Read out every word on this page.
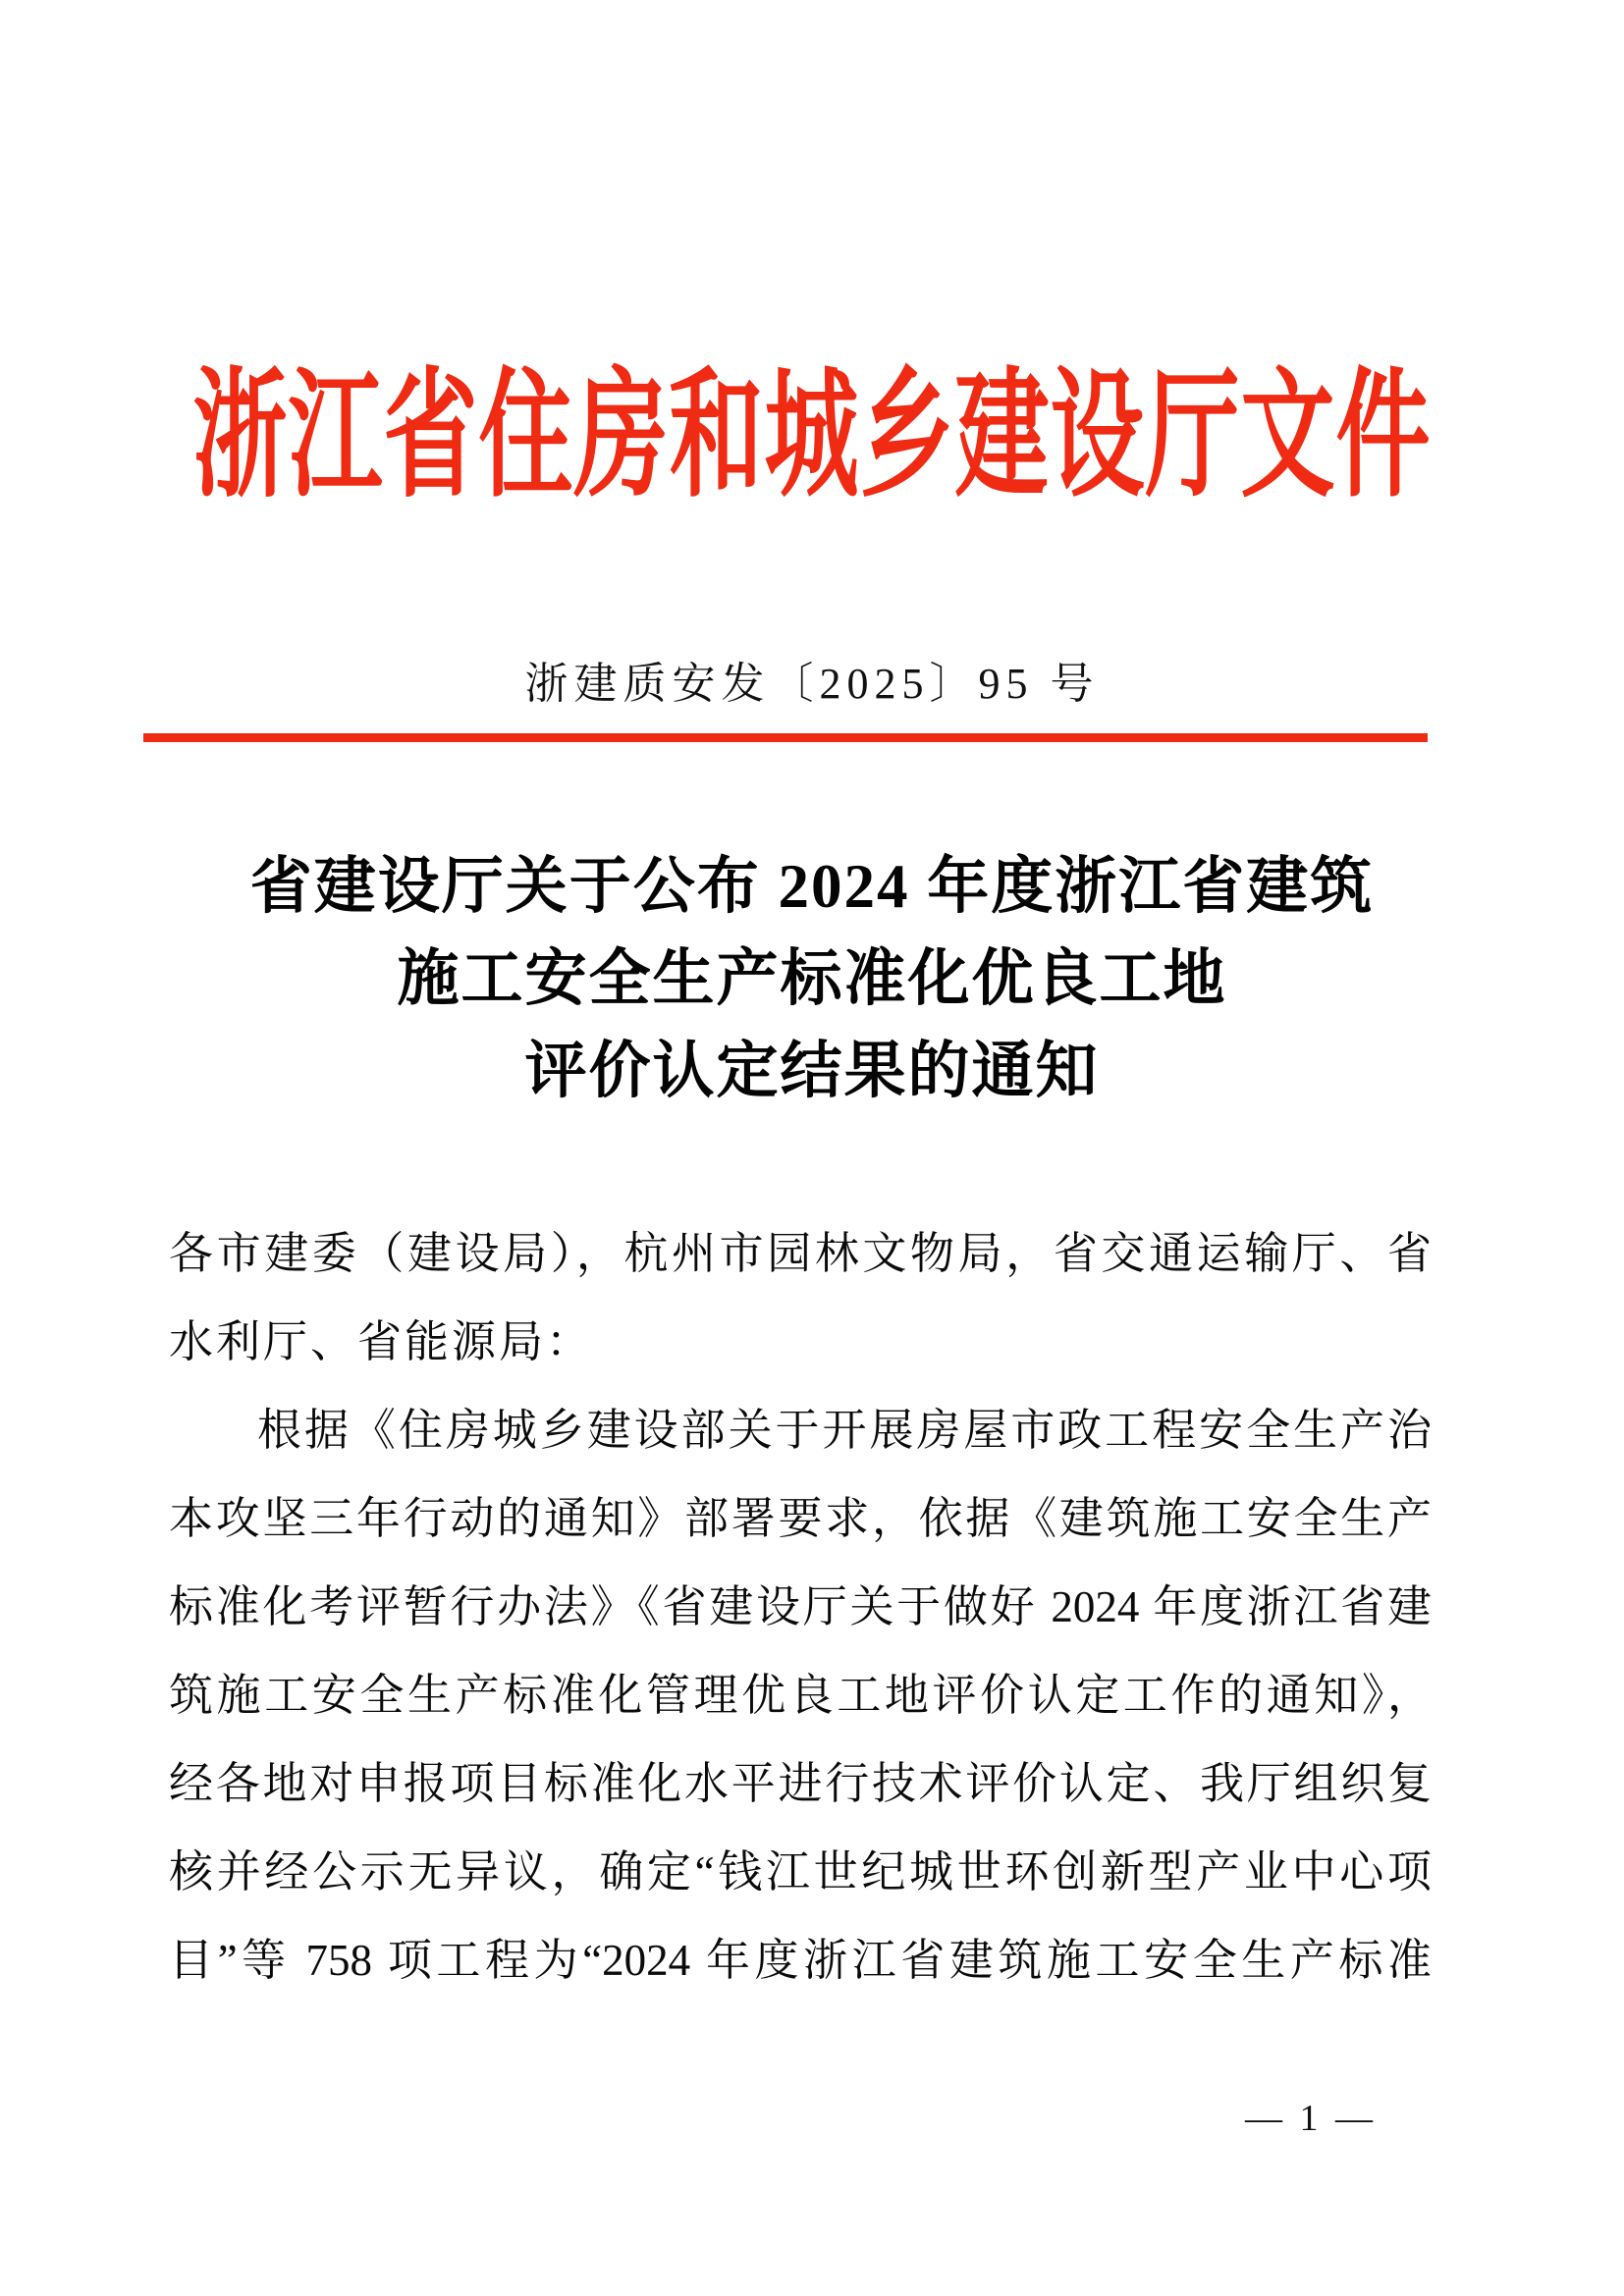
浙江省住房和城乡建设厅文件
浙建质安发〔2025〕95 号
省建设厅关于公布 2024 年度浙江省建筑
施工安全生产标准化优良工地
评价认定结果的通知

各市建委（建设局），杭州市园林文物局，省交通运输厅、省

水利厅、省能源局：

根据《住房城乡建设部关于开展房屋市政工程安全生产治

本攻坚三年行动的通知》部署要求，依据《建筑施工安全生产

标准化考评暂行办法》《省建设厅关于做好 2024 年度浙江省建

筑施工安全生产标准化管理优良工地评价认定工作的通知》，

经各地对申报项目标准化水平进行技术评价认定、我厅组织复

核并经公示无异议，确定“钱江世纪城世环创新型产业中心项

目”等 758 项工程为“2024 年度浙江省建筑施工安全生产标准

— 1 —
